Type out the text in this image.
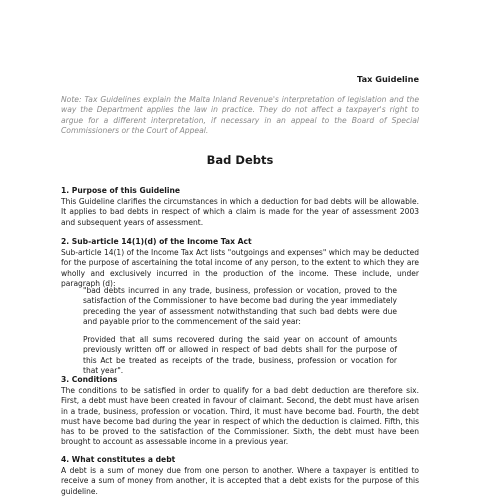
Tax Guideline
Note: Tax Guidelines explain the Malta Inland Revenue's interpretation of legislation and the way the Department applies the law in practice. They do not affect a taxpayer's right to argue for a different interpretation, if necessary in an appeal to the Board of Special Commissioners or the Court of Appeal.
Bad Debts
1. Purpose of this Guideline
This Guideline clarifies the circumstances in which a deduction for bad debts will be allowable. It applies to bad debts in respect of which a claim is made for the year of assessment 2003 and subsequent years of assessment.
2. Sub-article 14(1)(d) of the Income Tax Act
Sub-article 14(1) of the Income Tax Act lists "outgoings and expenses" which may be deducted for the purpose of ascertaining the total income of any person, to the extent to which they are wholly and exclusively incurred in the production of the income. These include, under paragraph (d):
"bad debts incurred in any trade, business, profession or vocation, proved to the satisfaction of the Commissioner to have become bad during the year immediately preceding the year of assessment notwithstanding that such bad debts were due and payable prior to the commencement of the said year:
Provided that all sums recovered during the said year on account of amounts previously written off or allowed in respect of bad debts shall for the purpose of this Act be treated as receipts of the trade, business, profession or vocation for that year".
3. Conditions
The conditions to be satisfied in order to qualify for a bad debt deduction are therefore six. First, a debt must have been created in favour of claimant. Second, the debt must have arisen in a trade, business, profession or vocation. Third, it must have become bad. Fourth, the debt must have become bad during the year in respect of which the deduction is claimed. Fifth, this has to be proved to the satisfaction of the Commissioner. Sixth, the debt must have been brought to account as assessable income in a previous year.
4. What constitutes a debt
A debt is a sum of money due from one person to another. Where a taxpayer is entitled to receive a sum of money from another, it is accepted that a debt exists for the purpose of this guideline.
